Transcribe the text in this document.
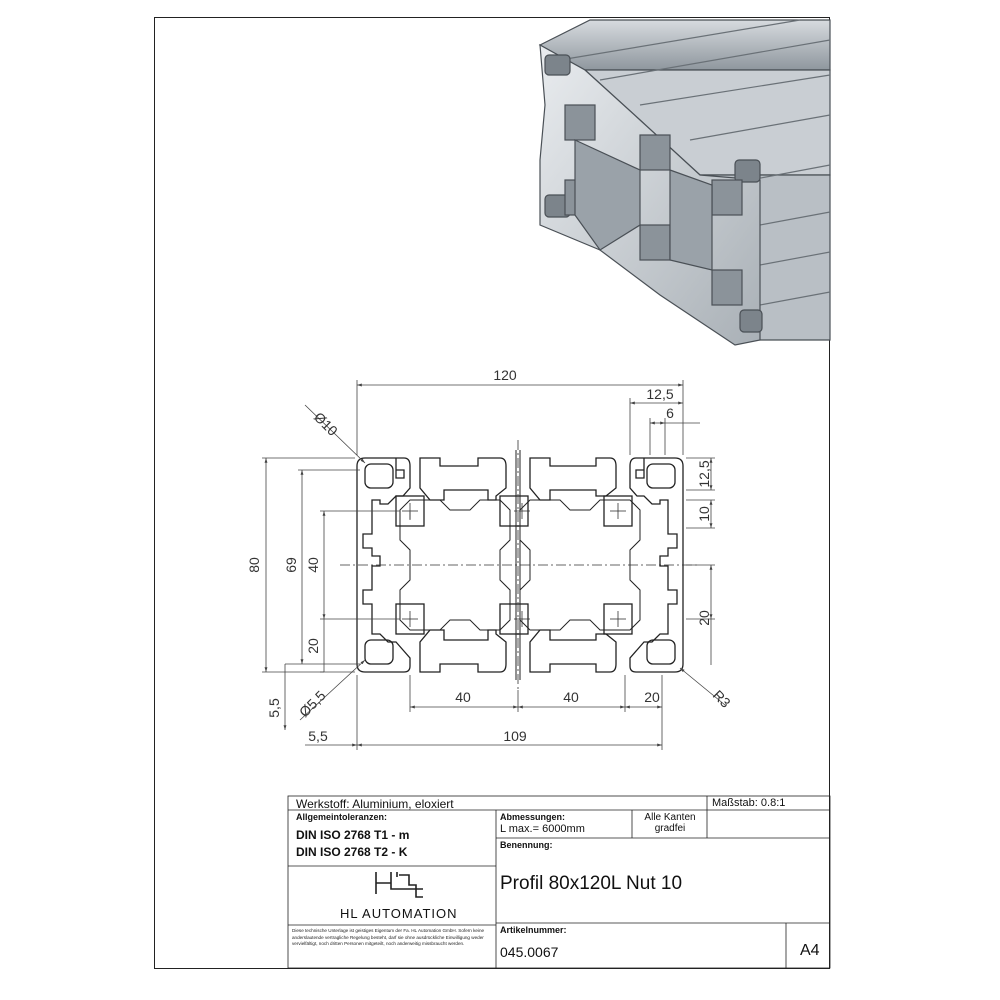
120
Ø10
12,5
6
80 69 40
20
Ø5,5
5,5
12,5
10
20
R3
40	40	20
5,5	109
Werkstoff: Aluminium, eloxiert	Maßstab: 0.8:1
Allgemeintoleranzen:
DIN ISO 2768 T1 - m
DIN ISO 2768 T2 - K
Abmessungen:
L max.= 6000mm
Alle Kanten gradfei
Benennung:
Profil 80x120L Nut 10
HL AUTOMATION
Diese technische Unterlage ist geistiges Eigentum der Fa. HL Automation GmbH. Sofern keine anderslautende vertragliche Regelung besteht, darf sie ohne ausdrückliche Einwilligung weder vervielfältigt, noch dritten Personen mitgeteilt, noch anderweitig missbraucht werden.
Artikelnummer:
045.0067	A4
